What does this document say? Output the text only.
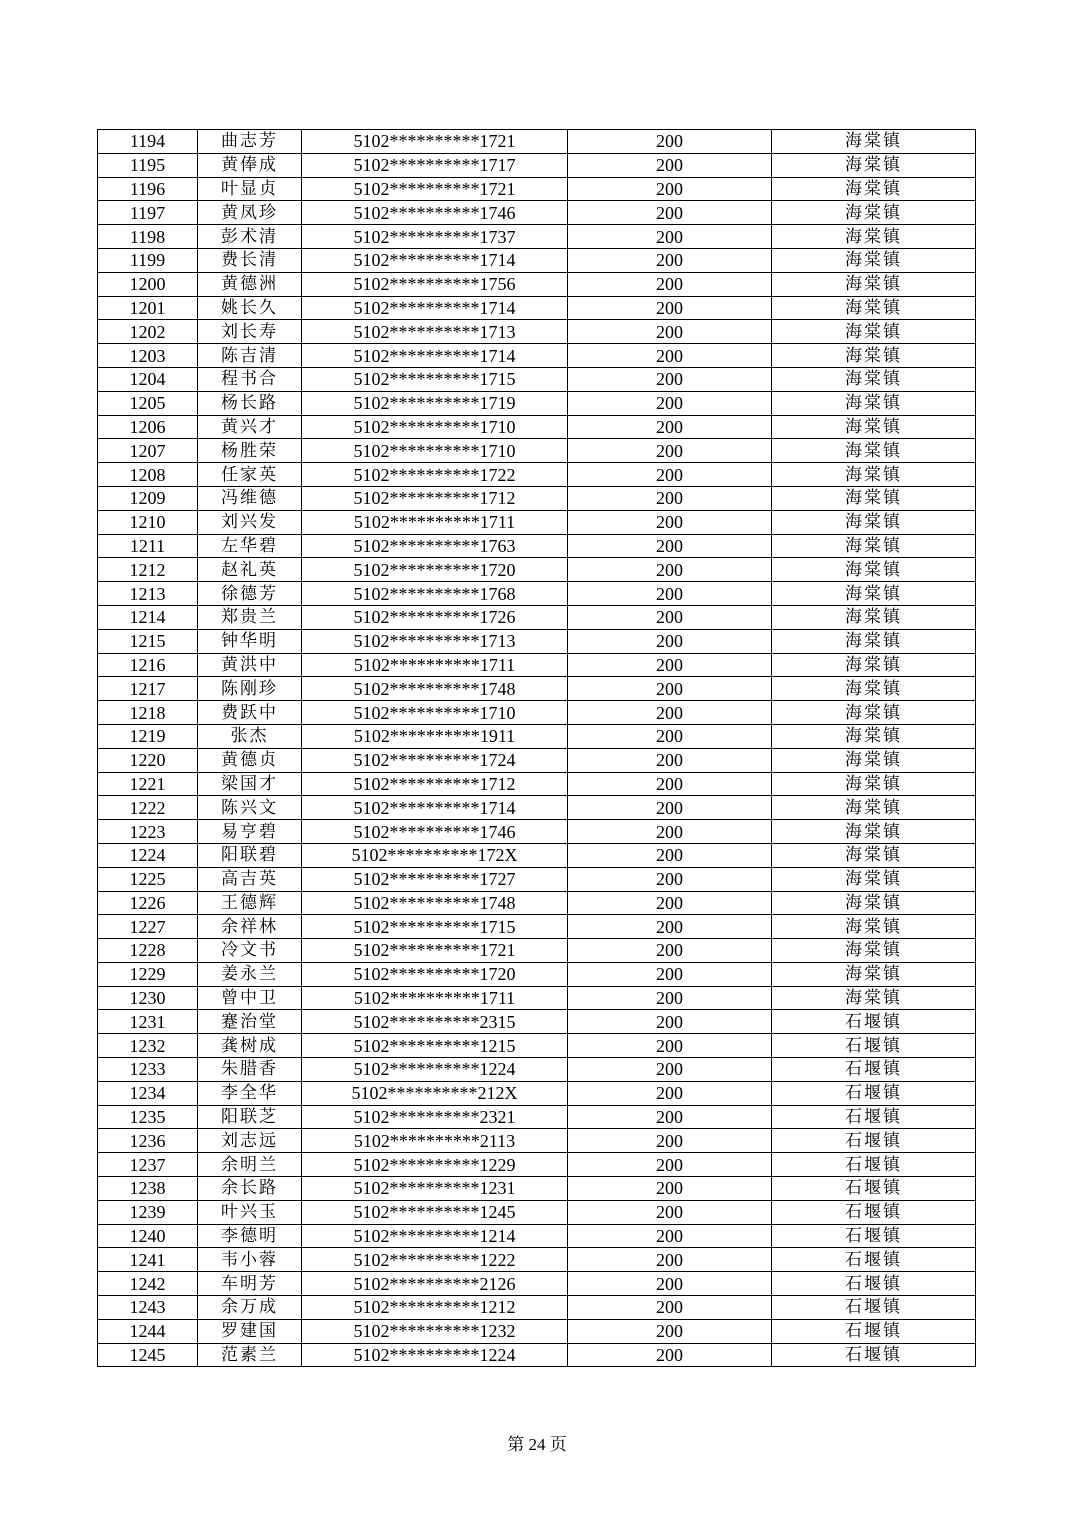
1194	曲志芳	5102**********1721	200	海棠镇
1195	黄俸成	5102**********1717	200	海棠镇
1196	叶显贞	5102**********1721	200	海棠镇
1197	黄凤珍	5102**********1746	200	海棠镇
1198	彭术清	5102**********1737	200	海棠镇
1199	费长清	5102**********1714	200	海棠镇
1200	黄德洲	5102**********1756	200	海棠镇
1201	姚长久	5102**********1714	200	海棠镇
1202	刘长寿	5102**********1713	200	海棠镇
1203	陈吉清	5102**********1714	200	海棠镇
1204	程书合	5102**********1715	200	海棠镇
1205	杨长路	5102**********1719	200	海棠镇
1206	黄兴才	5102**********1710	200	海棠镇
1207	杨胜荣	5102**********1710	200	海棠镇
1208	任家英	5102**********1722	200	海棠镇
1209	冯维德	5102**********1712	200	海棠镇
1210	刘兴发	5102**********1711	200	海棠镇
1211	左华碧	5102**********1763	200	海棠镇
1212	赵礼英	5102**********1720	200	海棠镇
1213	徐德芳	5102**********1768	200	海棠镇
1214	郑贵兰	5102**********1726	200	海棠镇
1215	钟华明	5102**********1713	200	海棠镇
1216	黄洪中	5102**********1711	200	海棠镇
1217	陈刚珍	5102**********1748	200	海棠镇
1218	费跃中	5102**********1710	200	海棠镇
1219	张杰	5102**********1911	200	海棠镇
1220	黄德贞	5102**********1724	200	海棠镇
1221	梁国才	5102**********1712	200	海棠镇
1222	陈兴文	5102**********1714	200	海棠镇
1223	易亨碧	5102**********1746	200	海棠镇
1224	阳联碧	5102**********172X	200	海棠镇
1225	高吉英	5102**********1727	200	海棠镇
1226	王德辉	5102**********1748	200	海棠镇
1227	余祥林	5102**********1715	200	海棠镇
1228	冷文书	5102**********1721	200	海棠镇
1229	姜永兰	5102**********1720	200	海棠镇
1230	曾中卫	5102**********1711	200	海棠镇
1231	蹇治堂	5102**********2315	200	石堰镇
1232	龚树成	5102**********1215	200	石堰镇
1233	朱腊香	5102**********1224	200	石堰镇
1234	李全华	5102**********212X	200	石堰镇
1235	阳联芝	5102**********2321	200	石堰镇
1236	刘志远	5102**********2113	200	石堰镇
1237	余明兰	5102**********1229	200	石堰镇
1238	余长路	5102**********1231	200	石堰镇
1239	叶兴玉	5102**********1245	200	石堰镇
1240	李德明	5102**********1214	200	石堰镇
1241	韦小蓉	5102**********1222	200	石堰镇
1242	车明芳	5102**********2126	200	石堰镇
1243	余万成	5102**********1212	200	石堰镇
1244	罗建国	5102**********1232	200	石堰镇
1245	范素兰	5102**********1224	200	石堰镇
第 24 页
